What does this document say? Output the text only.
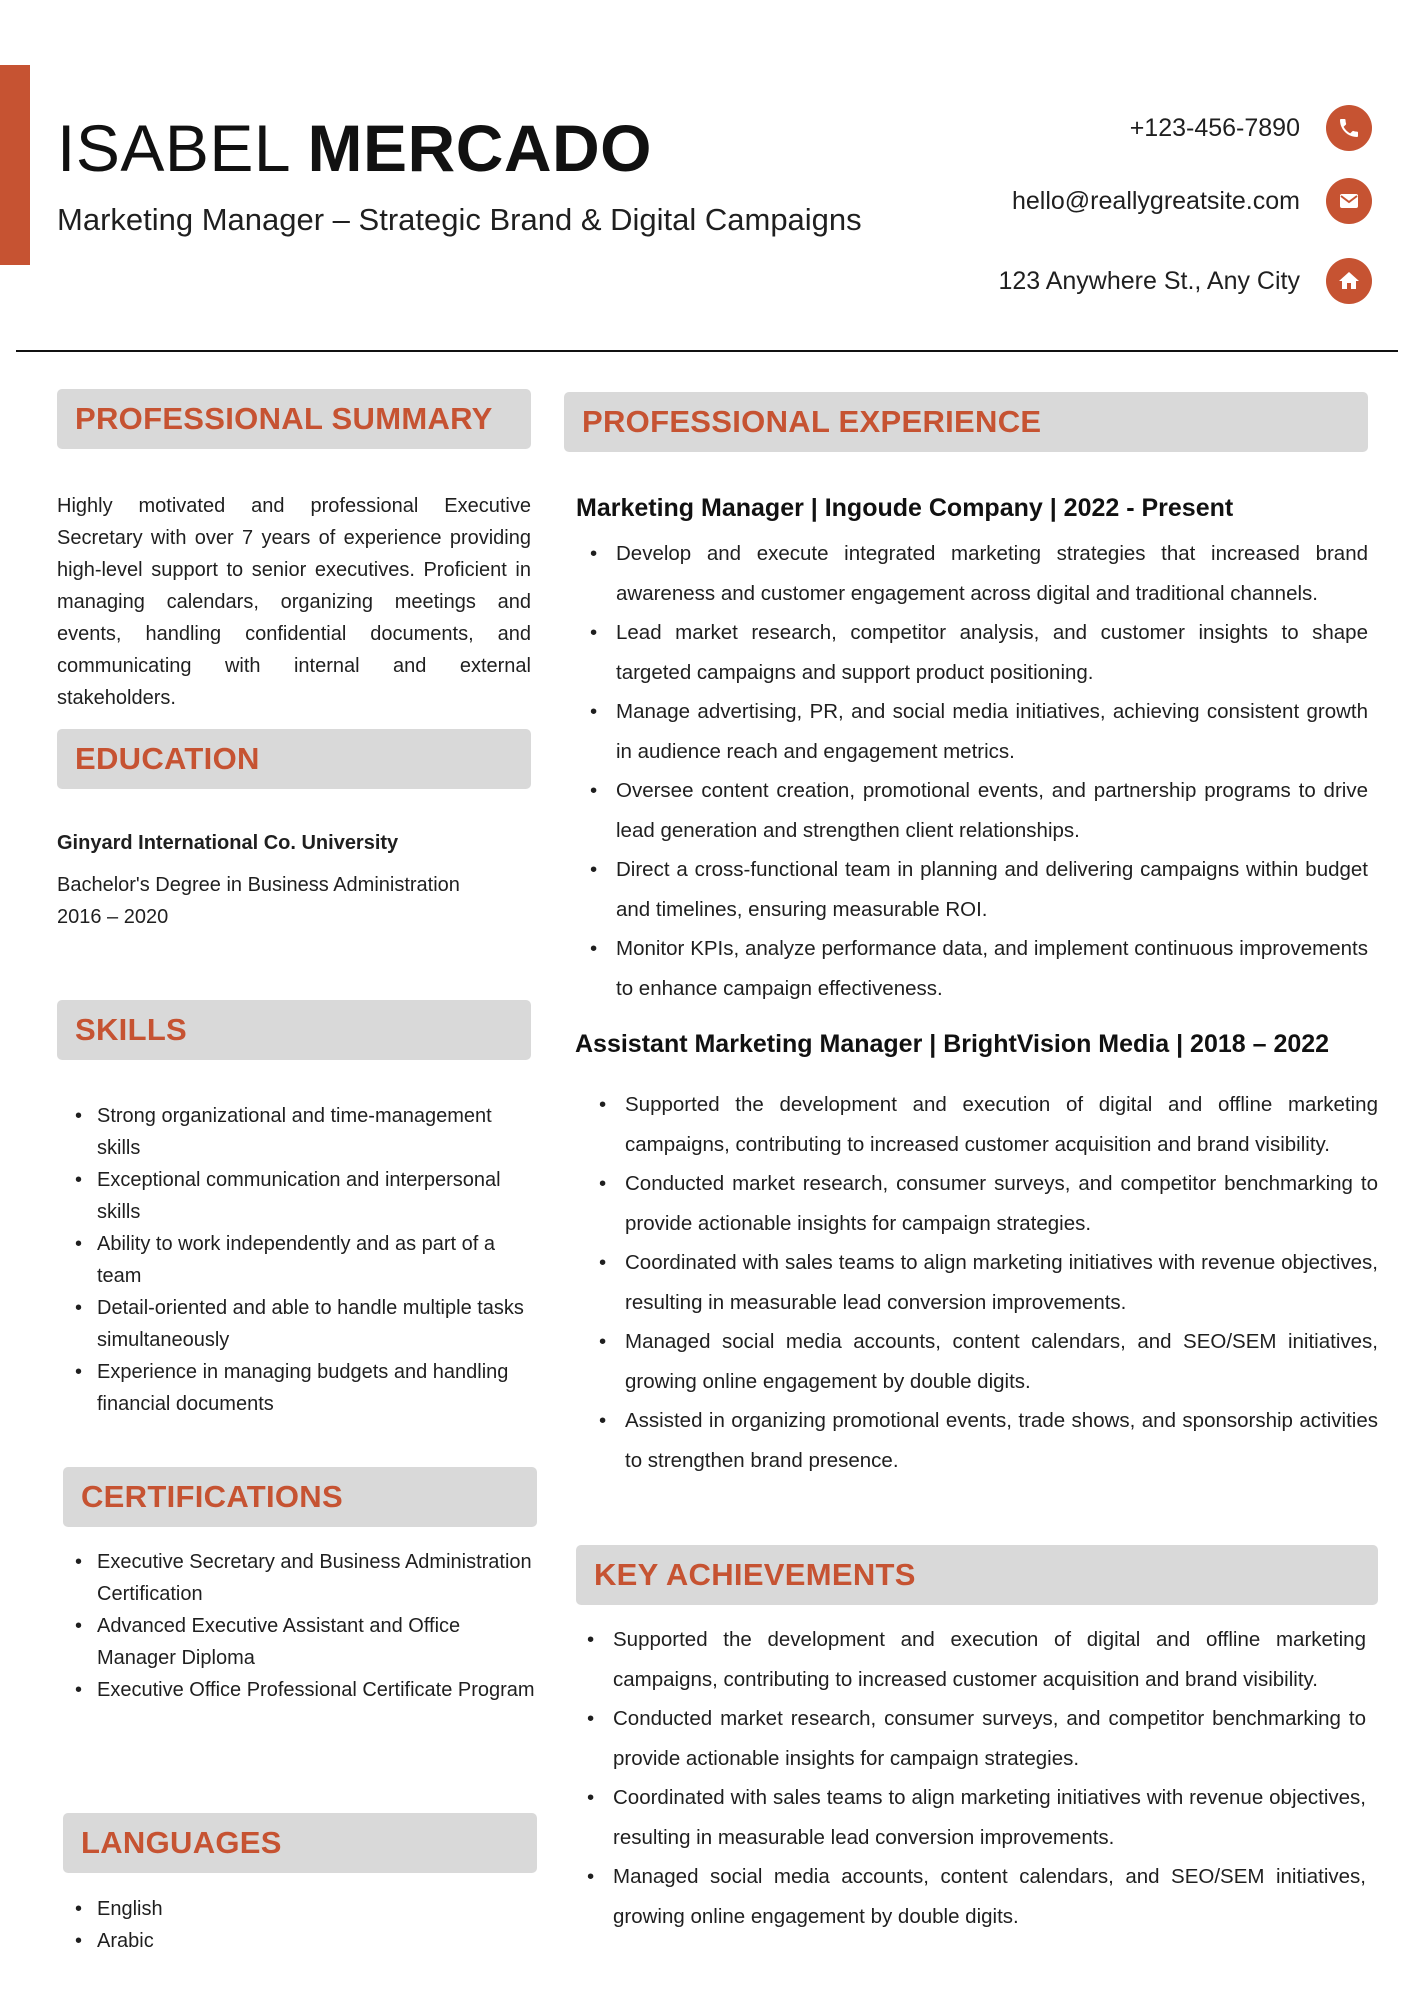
ISABEL MERCADO
Marketing Manager – Strategic Brand & Digital Campaigns
+123-456-7890
hello@reallygreatsite.com
123 Anywhere St., Any City
PROFESSIONAL SUMMARY

Highly motivated and professional Executive Secretary with over 7 years of experience providing high-level support to senior executives. Proficient in managing calendars, organizing meetings and events, handling confidential documents, and communicating with internal and external stakeholders.

EDUCATION
Ginyard International Co. University
Bachelor's Degree in Business Administration
2016 – 2020
SKILLS
• Strong organizational and time-management skills
• Exceptional communication and interpersonal skills
• Ability to work independently and as part of a team
• Detail-oriented and able to handle multiple tasks simultaneously
• Experience in managing budgets and handling financial documents
CERTIFICATIONS
• Executive Secretary and Business Administration Certification
• Advanced Executive Assistant and Office Manager Diploma
• Executive Office Professional Certificate Program
LANGUAGES
• English
• Arabic
PROFESSIONAL EXPERIENCE
Marketing Manager | Ingoude Company | 2022 - Present
• Develop and execute integrated marketing strategies that increased brand awareness and customer engagement across digital and traditional channels.
• Lead market research, competitor analysis, and customer insights to shape targeted campaigns and support product positioning.
• Manage advertising, PR, and social media initiatives, achieving consistent growth in audience reach and engagement metrics.
• Oversee content creation, promotional events, and partnership programs to drive lead generation and strengthen client relationships.
• Direct a cross-functional team in planning and delivering campaigns within budget and timelines, ensuring measurable ROI.
• Monitor KPIs, analyze performance data, and implement continuous improvements to enhance campaign effectiveness.
Assistant Marketing Manager | BrightVision Media | 2018 – 2022
• Supported the development and execution of digital and offline marketing campaigns, contributing to increased customer acquisition and brand visibility.
• Conducted market research, consumer surveys, and competitor benchmarking to provide actionable insights for campaign strategies.
• Coordinated with sales teams to align marketing initiatives with revenue objectives, resulting in measurable lead conversion improvements.
• Managed social media accounts, content calendars, and SEO/SEM initiatives, growing online engagement by double digits.
• Assisted in organizing promotional events, trade shows, and sponsorship activities to strengthen brand presence.
KEY ACHIEVEMENTS
• Supported the development and execution of digital and offline marketing campaigns, contributing to increased customer acquisition and brand visibility.
• Conducted market research, consumer surveys, and competitor benchmarking to provide actionable insights for campaign strategies.
• Coordinated with sales teams to align marketing initiatives with revenue objectives, resulting in measurable lead conversion improvements.
• Managed social media accounts, content calendars, and SEO/SEM initiatives, growing online engagement by double digits.
